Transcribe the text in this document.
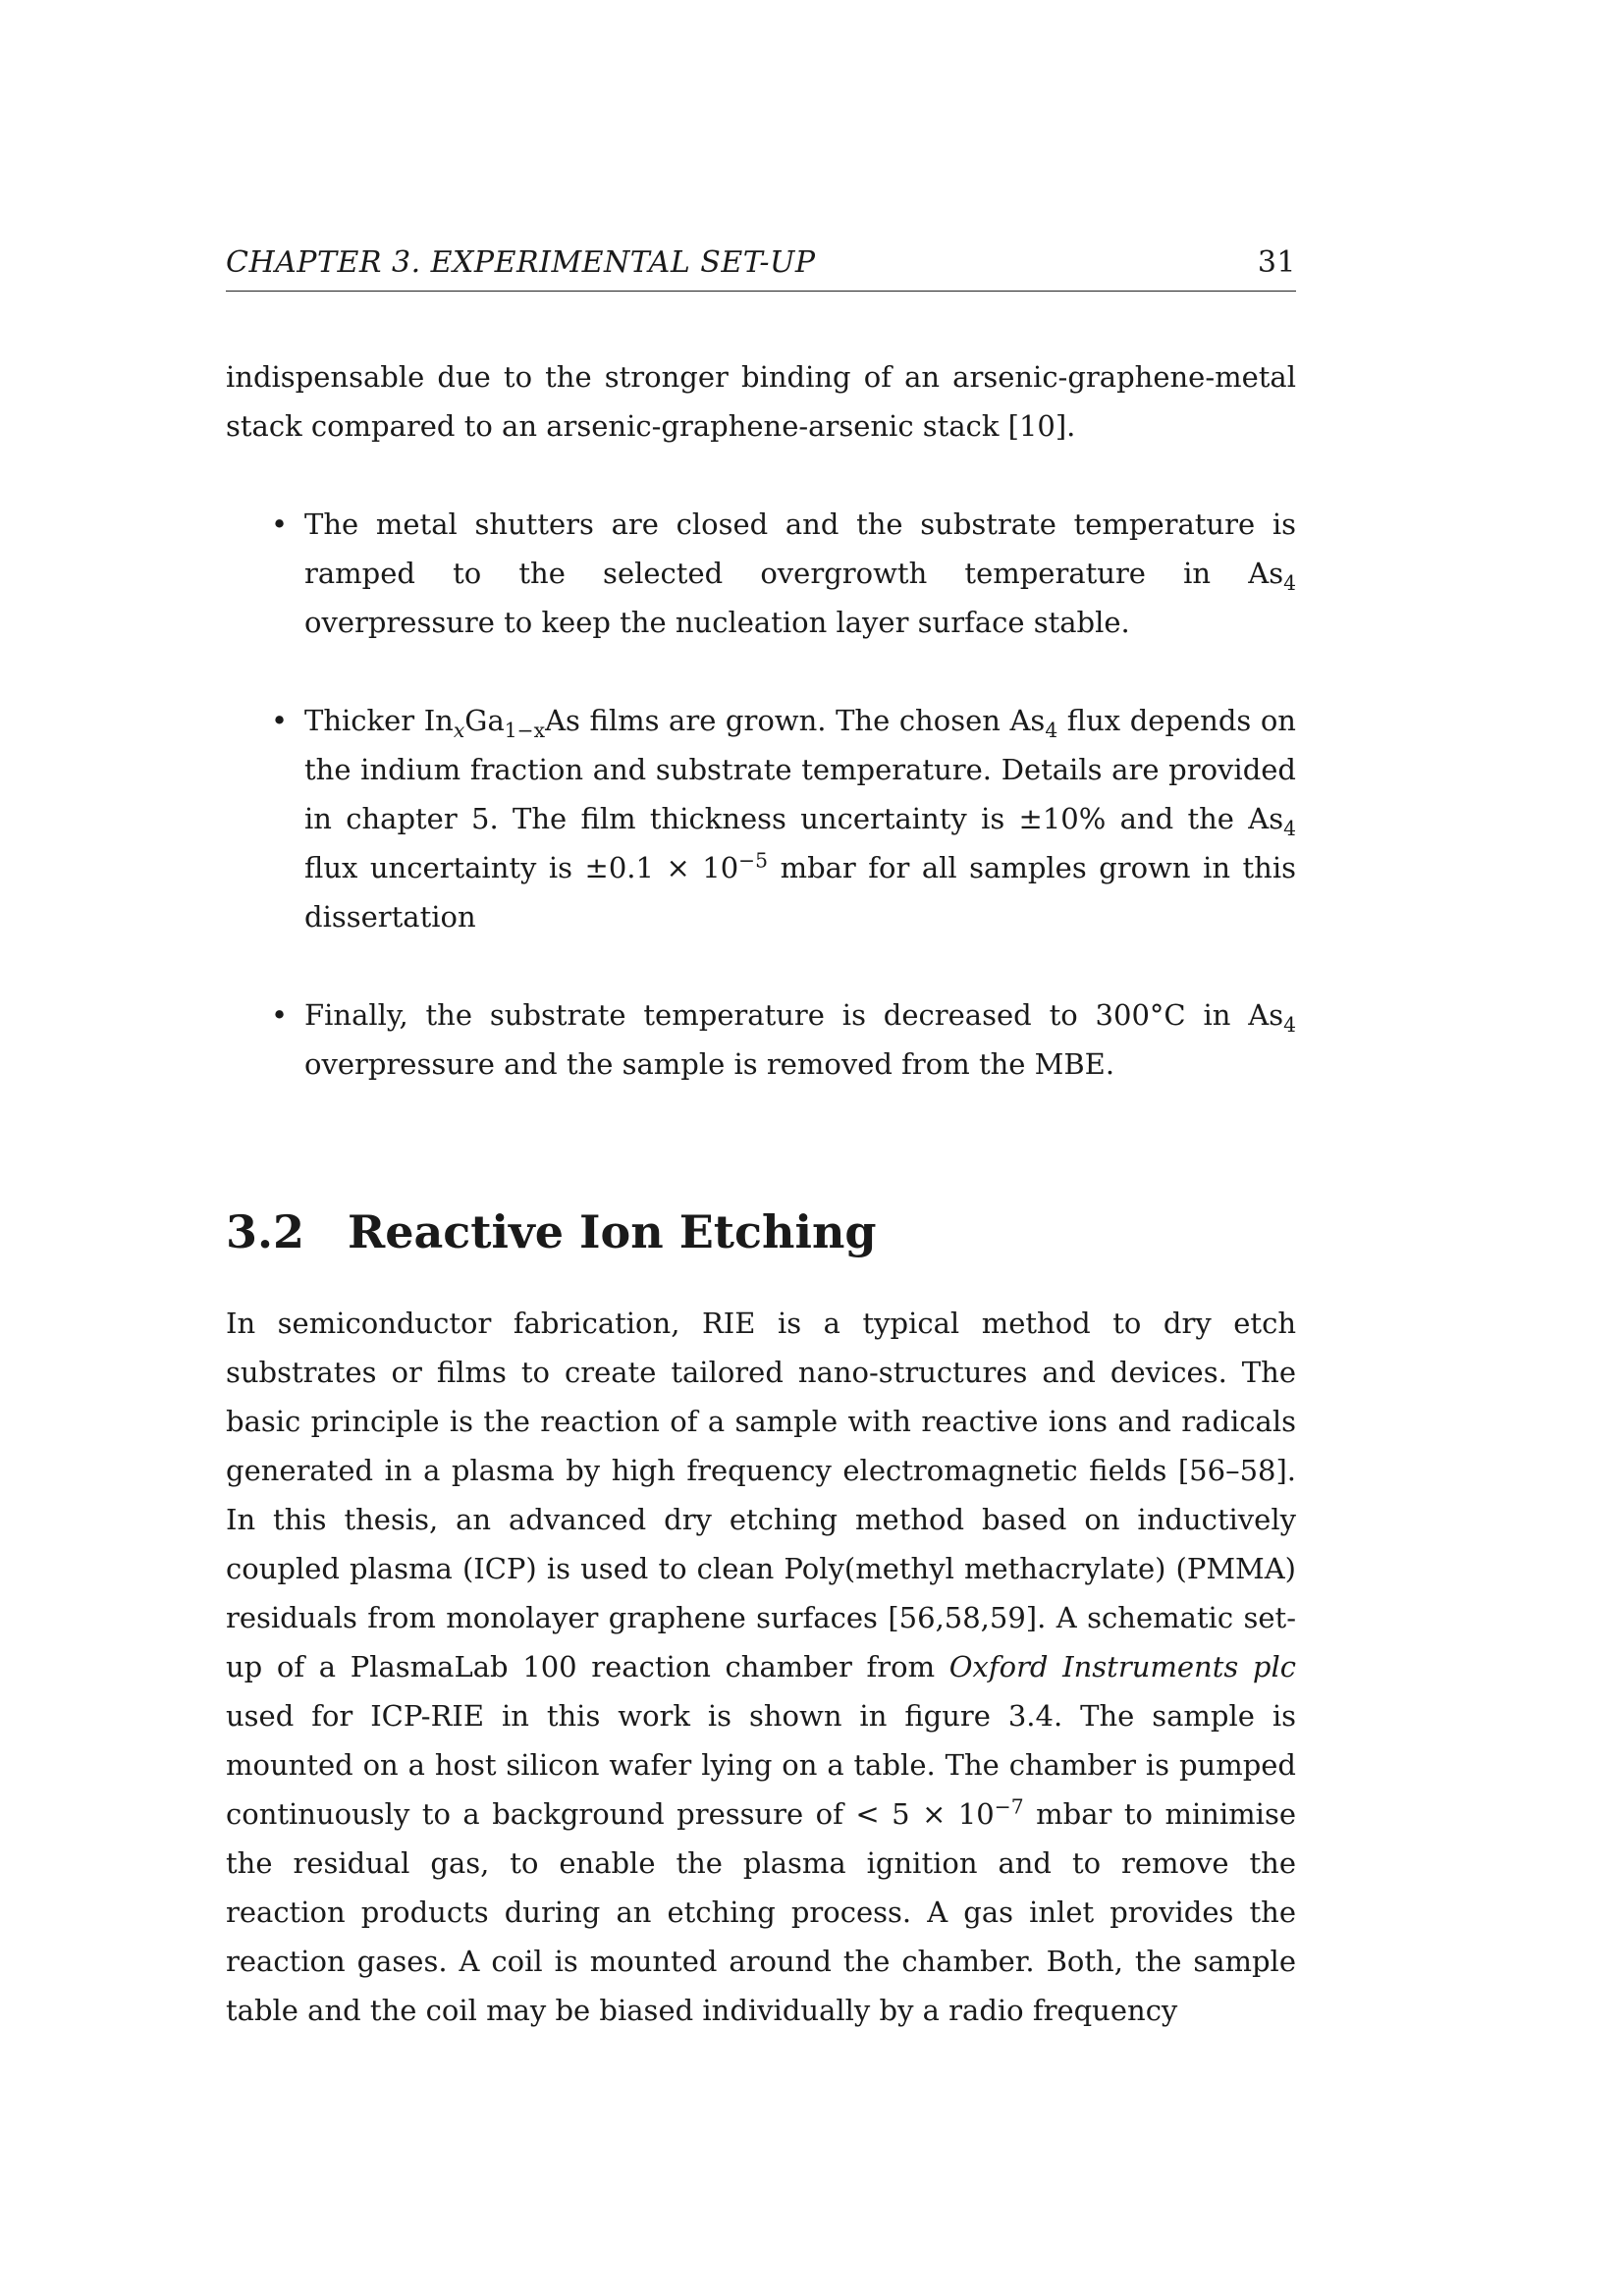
CHAPTER 3. EXPERIMENTAL SET-UP	31

indispensable due to the stronger binding of an arsenic-graphene-metal stack compared to an arsenic-graphene-arsenic stack [10].

• The metal shutters are closed and the substrate temperature is ramped to the selected overgrowth temperature in $As_4$ overpressure to keep the nucleation layer surface stable.
• Thicker $In_xGa_{1-x}As$ films are grown. The chosen $As_4$ flux depends on the indium fraction and substrate temperature. Details are provided in chapter 5. The film thickness uncertainty is ±10% and the $As_4$ flux uncertainty is $\pm 0.1 \times 10^{-5}$ mbar for all samples grown in this dissertation
• Finally, the substrate temperature is decreased to 300°C in $As_4$ overpressure and the sample is removed from the MBE.
3.2 Reactive Ion Etching

In semiconductor fabrication, RIE is a typical method to dry etch substrates or films to create tailored nano-structures and devices. The basic principle is the reaction of a sample with reactive ions and radicals generated in a plasma by high frequency electromagnetic fields [56–58]. In this thesis, an advanced dry etching method based on inductively coupled plasma (ICP) is used to clean Poly(methyl methacrylate) (PMMA) residuals from monolayer graphene surfaces [56,58,59]. A schematic set-up of a PlasmaLab 100 reaction chamber from Oxford Instruments plc used for ICP-RIE in this work is shown in figure 3.4. The sample is mounted on a host silicon wafer lying on a table. The chamber is pumped continuously to a background pressure of < $5 \times 10^{-7}$ mbar to minimise the residual gas, to enable the plasma ignition and to remove the reaction products during an etching process. A gas inlet provides the reaction gases. A coil is mounted around the chamber. Both, the sample table and the coil may be biased individually by a radio frequency
